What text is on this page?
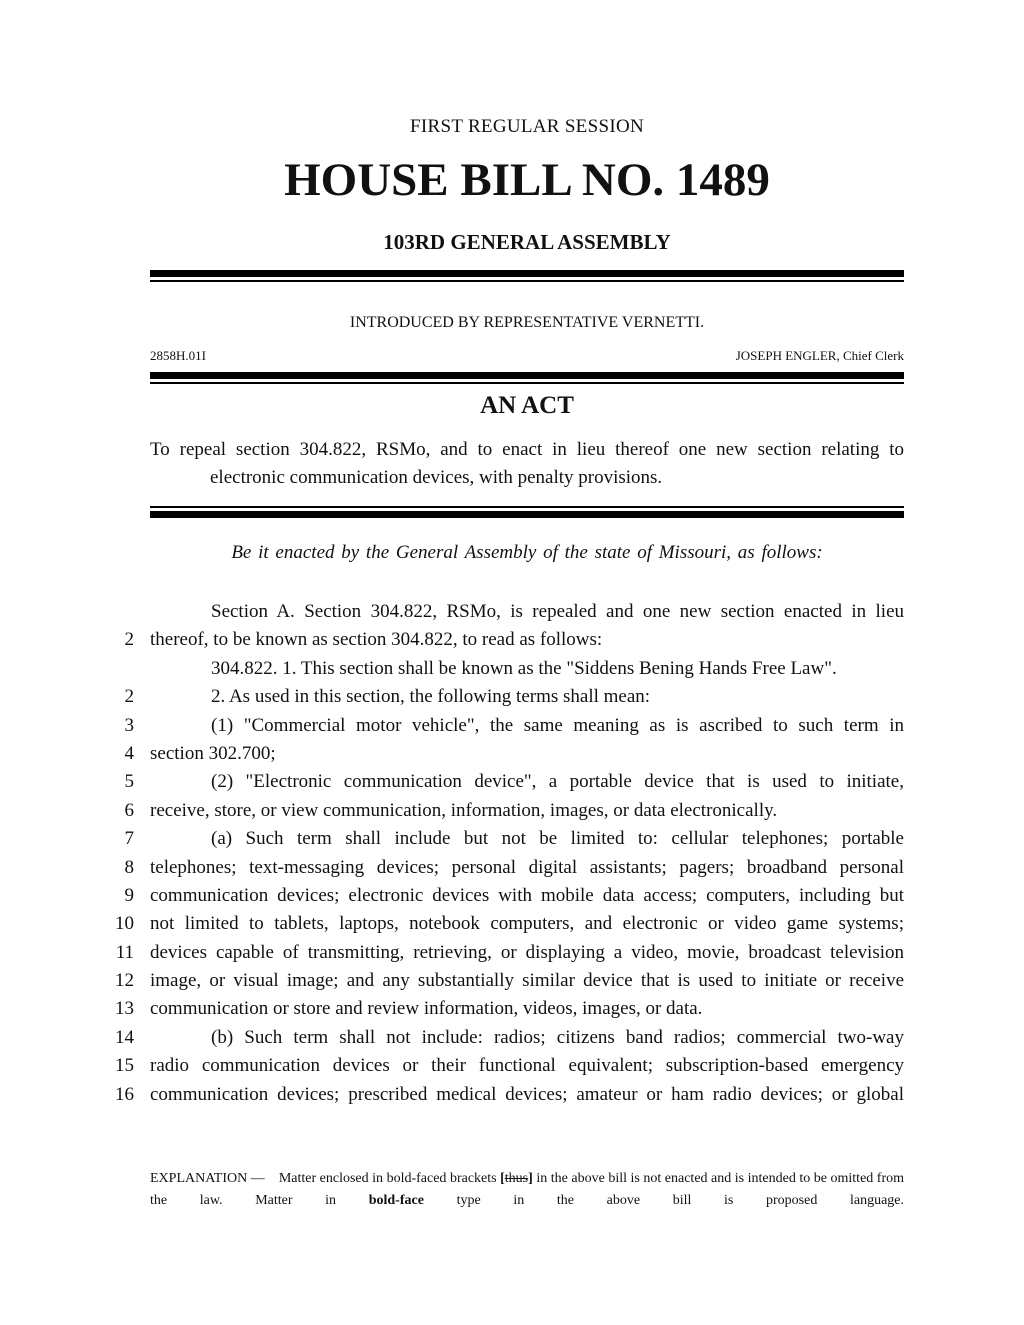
FIRST REGULAR SESSION
HOUSE BILL NO. 1489
103RD GENERAL ASSEMBLY
INTRODUCED BY REPRESENTATIVE VERNETTI.
2858H.01I	JOSEPH ENGLER, Chief Clerk
AN ACT
To repeal section 304.822, RSMo, and to enact in lieu thereof one new section relating to
electronic communication devices, with penalty provisions.
Be it enacted by the General Assembly of the state of Missouri, as follows:
Section A. Section 304.822, RSMo, is repealed and one new section enacted in lieu
2 thereof, to be known as section 304.822, to read as follows:
304.822. 1. This section shall be known as the "Siddens Bening Hands Free Law".
2	2. As used in this section, the following terms shall mean:
3	(1) "Commercial motor vehicle", the same meaning as is ascribed to such term in
4 section 302.700;
5	(2) "Electronic communication device", a portable device that is used to initiate,
6 receive, store, or view communication, information, images, or data electronically.
7	(a) Such term shall include but not be limited to: cellular telephones; portable
8 telephones; text-messaging devices; personal digital assistants; pagers; broadband personal
9 communication devices; electronic devices with mobile data access; computers, including but
10 not limited to tablets, laptops, notebook computers, and electronic or video game systems;
11 devices capable of transmitting, retrieving, or displaying a video, movie, broadcast television
12 image, or visual image; and any substantially similar device that is used to initiate or receive
13 communication or store and review information, videos, images, or data.
14	(b) Such term shall not include: radios; citizens band radios; commercial two-way
15 radio communication devices or their functional equivalent; subscription-based emergency
16 communication devices; prescribed medical devices; amateur or ham radio devices; or global
EXPLANATION — Matter enclosed in bold-faced brackets [thus] in the above bill is not enacted and is intended to be omitted from the law. Matter in bold-face type in the above bill is proposed language.
